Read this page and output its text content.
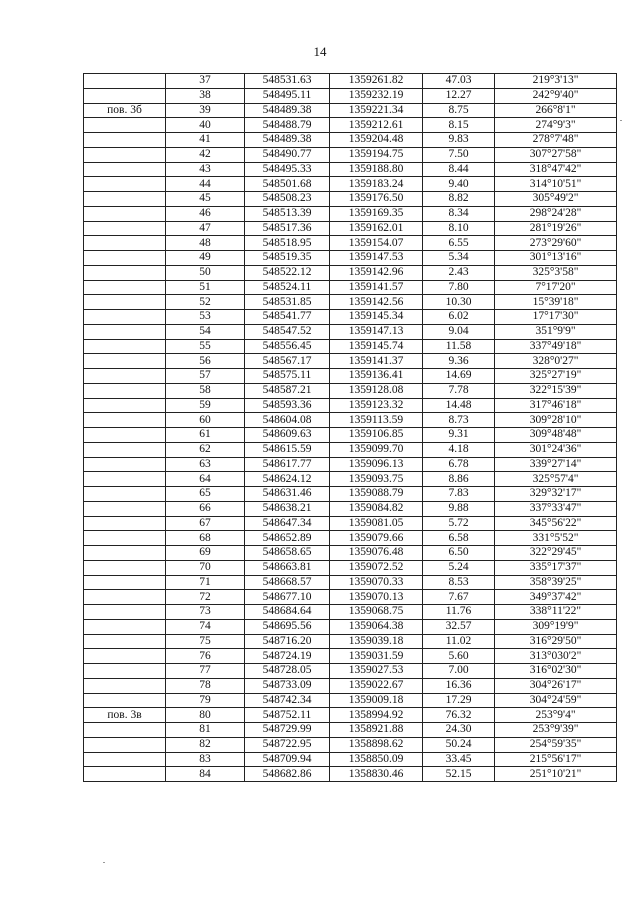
14
	37	548531.63	1359261.82	47.03	219°3'13"
	38	548495.11	1359232.19	12.27	242°9'40"
пов. 3б	39	548489.38	1359221.34	8.75	266°8'1"
	40	548488.79	1359212.61	8.15	274°9'3"
	41	548489.38	1359204.48	9.83	278°7'48"
	42	548490.77	1359194.75	7.50	307°27'58"
	43	548495.33	1359188.80	8.44	318°47'42"
	44	548501.68	1359183.24	9.40	314°10'51"
	45	548508.23	1359176.50	8.82	305°49'2"
	46	548513.39	1359169.35	8.34	298°24'28"
	47	548517.36	1359162.01	8.10	281°19'26"
	48	548518.95	1359154.07	6.55	273°29'60"
	49	548519.35	1359147.53	5.34	301°13'16"
	50	548522.12	1359142.96	2.43	325°3'58"
	51	548524.11	1359141.57	7.80	7°17'20"
	52	548531.85	1359142.56	10.30	15°39'18"
	53	548541.77	1359145.34	6.02	17°17'30"
	54	548547.52	1359147.13	9.04	351°9'9"
	55	548556.45	1359145.74	11.58	337°49'18"
	56	548567.17	1359141.37	9.36	328°0'27"
	57	548575.11	1359136.41	14.69	325°27'19"
	58	548587.21	1359128.08	7.78	322°15'39"
	59	548593.36	1359123.32	14.48	317°46'18"
	60	548604.08	1359113.59	8.73	309°28'10"
	61	548609.63	1359106.85	9.31	309°48'48"
	62	548615.59	1359099.70	4.18	301°24'36"
	63	548617.77	1359096.13	6.78	339°27'14"
	64	548624.12	1359093.75	8.86	325°57'4"
	65	548631.46	1359088.79	7.83	329°32'17"
	66	548638.21	1359084.82	9.88	337°33'47"
	67	548647.34	1359081.05	5.72	345°56'22"
	68	548652.89	1359079.66	6.58	331°5'52"
	69	548658.65	1359076.48	6.50	322°29'45"
	70	548663.81	1359072.52	5.24	335°17'37"
	71	548668.57	1359070.33	8.53	358°39'25"
	72	548677.10	1359070.13	7.67	349°37'42"
	73	548684.64	1359068.75	11.76	338°11'22"
	74	548695.56	1359064.38	32.57	309°19'9"
	75	548716.20	1359039.18	11.02	316°29'50"
	76	548724.19	1359031.59	5.60	313°030'2"
	77	548728.05	1359027.53	7.00	316°02'30"
	78	548733.09	1359022.67	16.36	304°26'17"
	79	548742.34	1359009.18	17.29	304°24'59"
пов. 3в	80	548752.11	1358994.92	76.32	253°9'4"
	81	548729.99	1358921.88	24.30	253°9'39"
	82	548722.95	1358898.62	50.24	254°59'35"
	83	548709.94	1358850.09	33.45	215°56'17"
	84	548682.86	1358830.46	52.15	251°10'21"
